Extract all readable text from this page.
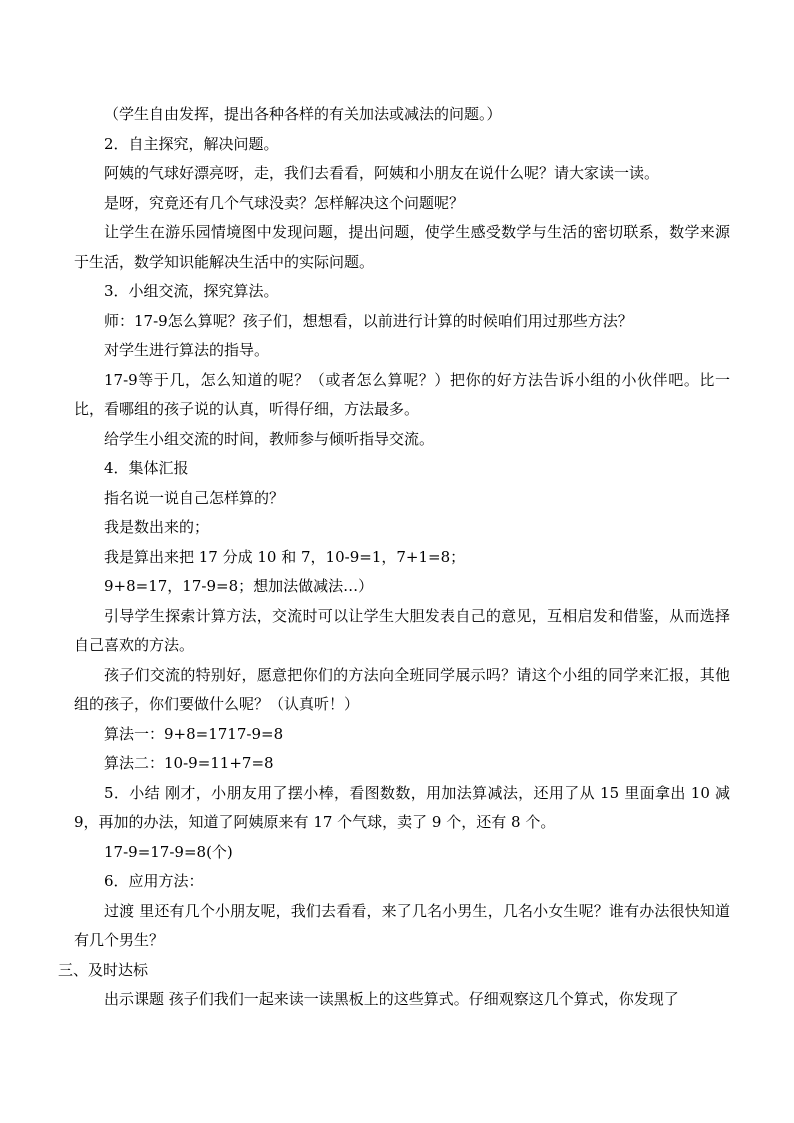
（学生自由发挥，提出各种各样的有关加法或减法的问题。）

2．自主探究，解决问题。

阿姨的气球好漂亮呀，走，我们去看看，阿姨和小朋友在说什么呢？请大家读一读。

是呀，究竟还有几个气球没卖？怎样解决这个问题呢？

让学生在游乐园情境图中发现问题，提出问题，使学生感受数学与生活的密切联系，数学来源于生活，数学知识能解决生活中的实际问题。

3．小组交流，探究算法。

师：17-9怎么算呢？孩子们，想想看，以前进行计算的时候咱们用过那些方法？

对学生进行算法的指导。

17-9等于几，怎么知道的呢？（或者怎么算呢？）把你的好方法告诉小组的小伙伴吧。比一比，看哪组的孩子说的认真，听得仔细，方法最多。

给学生小组交流的时间，教师参与倾听指导交流。

4．集体汇报

指名说一说自己怎样算的？

我是数出来的；

我是算出来把 17 分成 10 和 7，10-9=1，7+1=8；

9+8=17，17-9=8；想加法做减法…）

引导学生探索计算方法，交流时可以让学生大胆发表自己的意见，互相启发和借鉴，从而选择自己喜欢的方法。

孩子们交流的特别好，愿意把你们的方法向全班同学展示吗？请这个小组的同学来汇报，其他组的孩子，你们要做什么呢？（认真听！）

算法一：9+8=1717-9=8

算法二：10-9=11+7=8

5．小结 刚才，小朋友用了摆小棒，看图数数，用加法算减法，还用了从 15 里面拿出 10 减 9，再加的办法，知道了阿姨原来有 17 个气球，卖了 9 个，还有 8 个。

17-9=17-9=8(个)

6．应用方法：

过渡 里还有几个小朋友呢，我们去看看，来了几名小男生，几名小女生呢？谁有办法很快知道有几个男生？

三、及时达标

出示课题 孩子们我们一起来读一读黑板上的这些算式。仔细观察这几个算式，你发现了
